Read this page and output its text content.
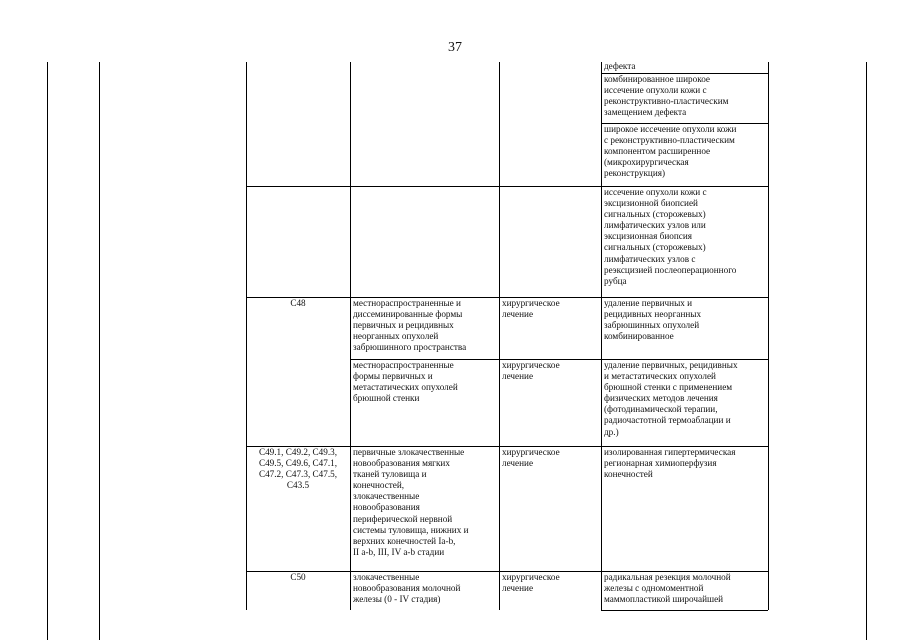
37
дефекта
комбинированное широкое
иссечение опухоли кожи с
реконструктивно-пластическим
замещением дефекта
широкое иссечение опухоли кожи
с реконструктивно-пластическим
компонентом расширенное
(микрохирургическая
реконструкция)
иссечение опухоли кожи с
эксцизионной биопсией
сигнальных (сторожевых)
лимфатических узлов или
эксцизионная биопсия
сигнальных (сторожевых)
лимфатических узлов с
реэксцизией послеоперационного
рубца
C48	местнораспространенные и
диссеминированные формы
первичных и рецидивных
неорганных опухолей
забрюшинного пространства
хирургическое
лечение
удаление первичных и
рецидивных неорганных
забрюшинных опухолей
комбинированное
местнораспространенные
формы первичных и
метастатических опухолей
брюшной стенки
хирургическое
лечение
удаление первичных, рецидивных
и метастатических опухолей
брюшной стенки с применением
физических методов лечения
(фотодинамической терапии,
радиочастотной термоаблации и
др.)
C49.1, C49.2, C49.3,
C49.5, C49.6, C47.1,
C47.2, C47.3, C47.5,
C43.5
первичные злокачественные
новообразования мягких
тканей туловища и
конечностей,
злокачественные
новообразования
периферической нервной
системы туловища, нижних и
верхних конечностей Ia-b,
II a-b, III, IV a-b стадии
хирургическое
лечение
изолированная гипертермическая
регионарная химиоперфузия
конечностей
C50	злокачественные
новообразования молочной
железы (0 - IV стадия)
хирургическое
лечение
радикальная резекция молочной
железы с одномоментной
маммопластикой широчайшей
